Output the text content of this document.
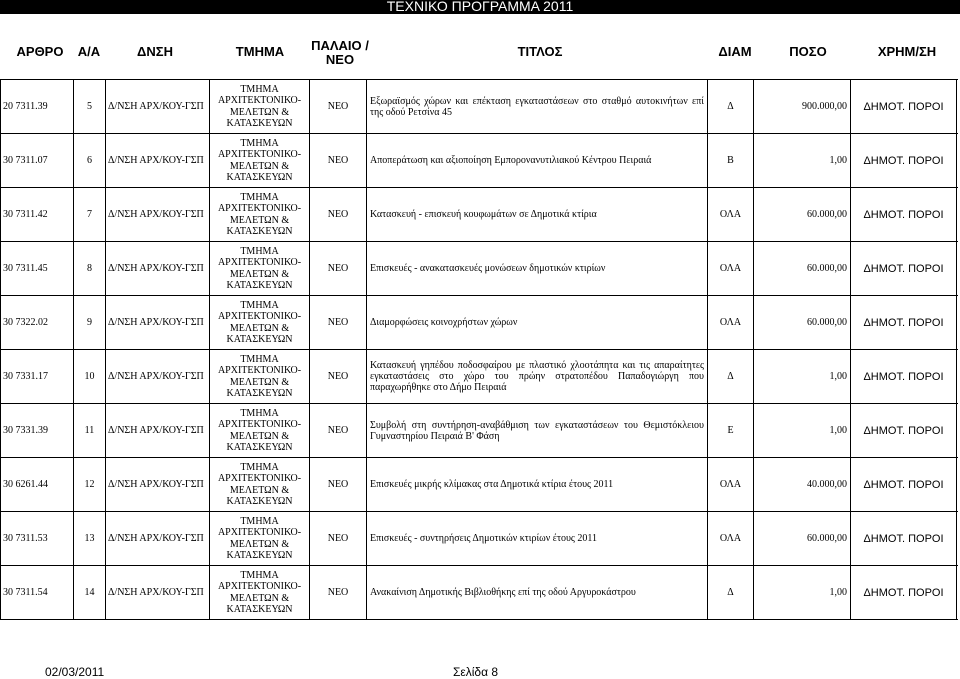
ΤΕΧΝΙΚΟ ΠΡΟΓΡΑΜΜΑ 2011
ΑΡΘΡΟ	Α/Α	ΔΝΣΗ	ΤΜΗΜΑ	ΠΑΛΑΙΟ /
ΝΕΟ
ΤΙΤΛΟΣ	ΔΙΑΜ	ΠΟΣΟ	ΧΡΗΜ/ΣΗ
20 7311.39	5	Δ/ΝΣΗ ΑΡΧ/ΚΟΥ-ΓΣΠ
ΤΜΗΜΑ
ΑΡΧΙΤΕΚΤΟΝΙΚΟ-
ΜΕΛΕΤΩΝ &
ΚΑΤΑΣΚΕΥΩΝ
ΝΕΟ	Εξωραϊσμός χώρων και επέκταση εγκαταστάσεων στο σταθμό αυτοκινήτων επί της οδού Ρετσίνα 45	Δ	900.000,00	ΔΗΜΟΤ. ΠΟΡΟΙ
30 7311.07	6	Δ/ΝΣΗ ΑΡΧ/ΚΟΥ-ΓΣΠ
ΤΜΗΜΑ
ΑΡΧΙΤΕΚΤΟΝΙΚΟ-
ΜΕΛΕΤΩΝ &
ΚΑΤΑΣΚΕΥΩΝ
ΝΕΟ	Αποπεράτωση και αξιοποίηση Εμπορονανυτιλιακού Κέντρου Πειραιά	Β	1,00	ΔΗΜΟΤ. ΠΟΡΟΙ
30 7311.42	7	Δ/ΝΣΗ ΑΡΧ/ΚΟΥ-ΓΣΠ
ΤΜΗΜΑ
ΑΡΧΙΤΕΚΤΟΝΙΚΟ-
ΜΕΛΕΤΩΝ &
ΚΑΤΑΣΚΕΥΩΝ
ΝΕΟ	Κατασκευή - επισκευή κουφωμάτων σε Δημοτικά κτίρια	ΟΛΑ	60.000,00	ΔΗΜΟΤ. ΠΟΡΟΙ
30 7311.45	8	Δ/ΝΣΗ ΑΡΧ/ΚΟΥ-ΓΣΠ
ΤΜΗΜΑ
ΑΡΧΙΤΕΚΤΟΝΙΚΟ-
ΜΕΛΕΤΩΝ &
ΚΑΤΑΣΚΕΥΩΝ
ΝΕΟ	Επισκευές - ανακατασκευές μονώσεων δημοτικών κτιρίων	ΟΛΑ	60.000,00	ΔΗΜΟΤ. ΠΟΡΟΙ
30 7322.02	9	Δ/ΝΣΗ ΑΡΧ/ΚΟΥ-ΓΣΠ
ΤΜΗΜΑ
ΑΡΧΙΤΕΚΤΟΝΙΚΟ-
ΜΕΛΕΤΩΝ &
ΚΑΤΑΣΚΕΥΩΝ
ΝΕΟ	Διαμορφώσεις κοινοχρήστων χώρων	ΟΛΑ	60.000,00	ΔΗΜΟΤ. ΠΟΡΟΙ
30 7331.17	10	Δ/ΝΣΗ ΑΡΧ/ΚΟΥ-ΓΣΠ
ΤΜΗΜΑ
ΑΡΧΙΤΕΚΤΟΝΙΚΟ-
ΜΕΛΕΤΩΝ &
ΚΑΤΑΣΚΕΥΩΝ
ΝΕΟ
Κατασκευή γηπέδου ποδοσφαίρου με πλαστικό χλοοτάπητα και τις απαραίτητες εγκαταστάσεις στο χώρο του πρώην στρατοπέδου Παπαδογιώργη που παραχωρήθηκε στο Δήμο Πειραιά
Δ	1,00	ΔΗΜΟΤ. ΠΟΡΟΙ
30 7331.39	11	Δ/ΝΣΗ ΑΡΧ/ΚΟΥ-ΓΣΠ
ΤΜΗΜΑ
ΑΡΧΙΤΕΚΤΟΝΙΚΟ-
ΜΕΛΕΤΩΝ &
ΚΑΤΑΣΚΕΥΩΝ
ΝΕΟ	Συμβολή στη συντήρηση-αναβάθμιση των εγκαταστάσεων του Θεμιστόκλειου Γυμναστηρίου Πειραιά Β' Φάση	Ε	1,00	ΔΗΜΟΤ. ΠΟΡΟΙ
30 6261.44	12	Δ/ΝΣΗ ΑΡΧ/ΚΟΥ-ΓΣΠ
ΤΜΗΜΑ
ΑΡΧΙΤΕΚΤΟΝΙΚΟ-
ΜΕΛΕΤΩΝ &
ΚΑΤΑΣΚΕΥΩΝ
ΝΕΟ	Επισκευές μικρής κλίμακας στα Δημοτικά κτίρια έτους 2011	ΟΛΑ	40.000,00	ΔΗΜΟΤ. ΠΟΡΟΙ
30 7311.53	13	Δ/ΝΣΗ ΑΡΧ/ΚΟΥ-ΓΣΠ
ΤΜΗΜΑ
ΑΡΧΙΤΕΚΤΟΝΙΚΟ-
ΜΕΛΕΤΩΝ &
ΚΑΤΑΣΚΕΥΩΝ
ΝΕΟ	Επισκευές - συντηρήσεις Δημοτικών κτιρίων έτους 2011	ΟΛΑ	60.000,00	ΔΗΜΟΤ. ΠΟΡΟΙ
30 7311.54	14	Δ/ΝΣΗ ΑΡΧ/ΚΟΥ-ΓΣΠ
ΤΜΗΜΑ
ΑΡΧΙΤΕΚΤΟΝΙΚΟ-
ΜΕΛΕΤΩΝ &
ΚΑΤΑΣΚΕΥΩΝ
ΝΕΟ	Ανακαίνιση Δημοτικής Βιβλιοθήκης επί της οδού Αργυροκάστρου	Δ	1,00	ΔΗΜΟΤ. ΠΟΡΟΙ
02/03/2011	Σελίδα 8
